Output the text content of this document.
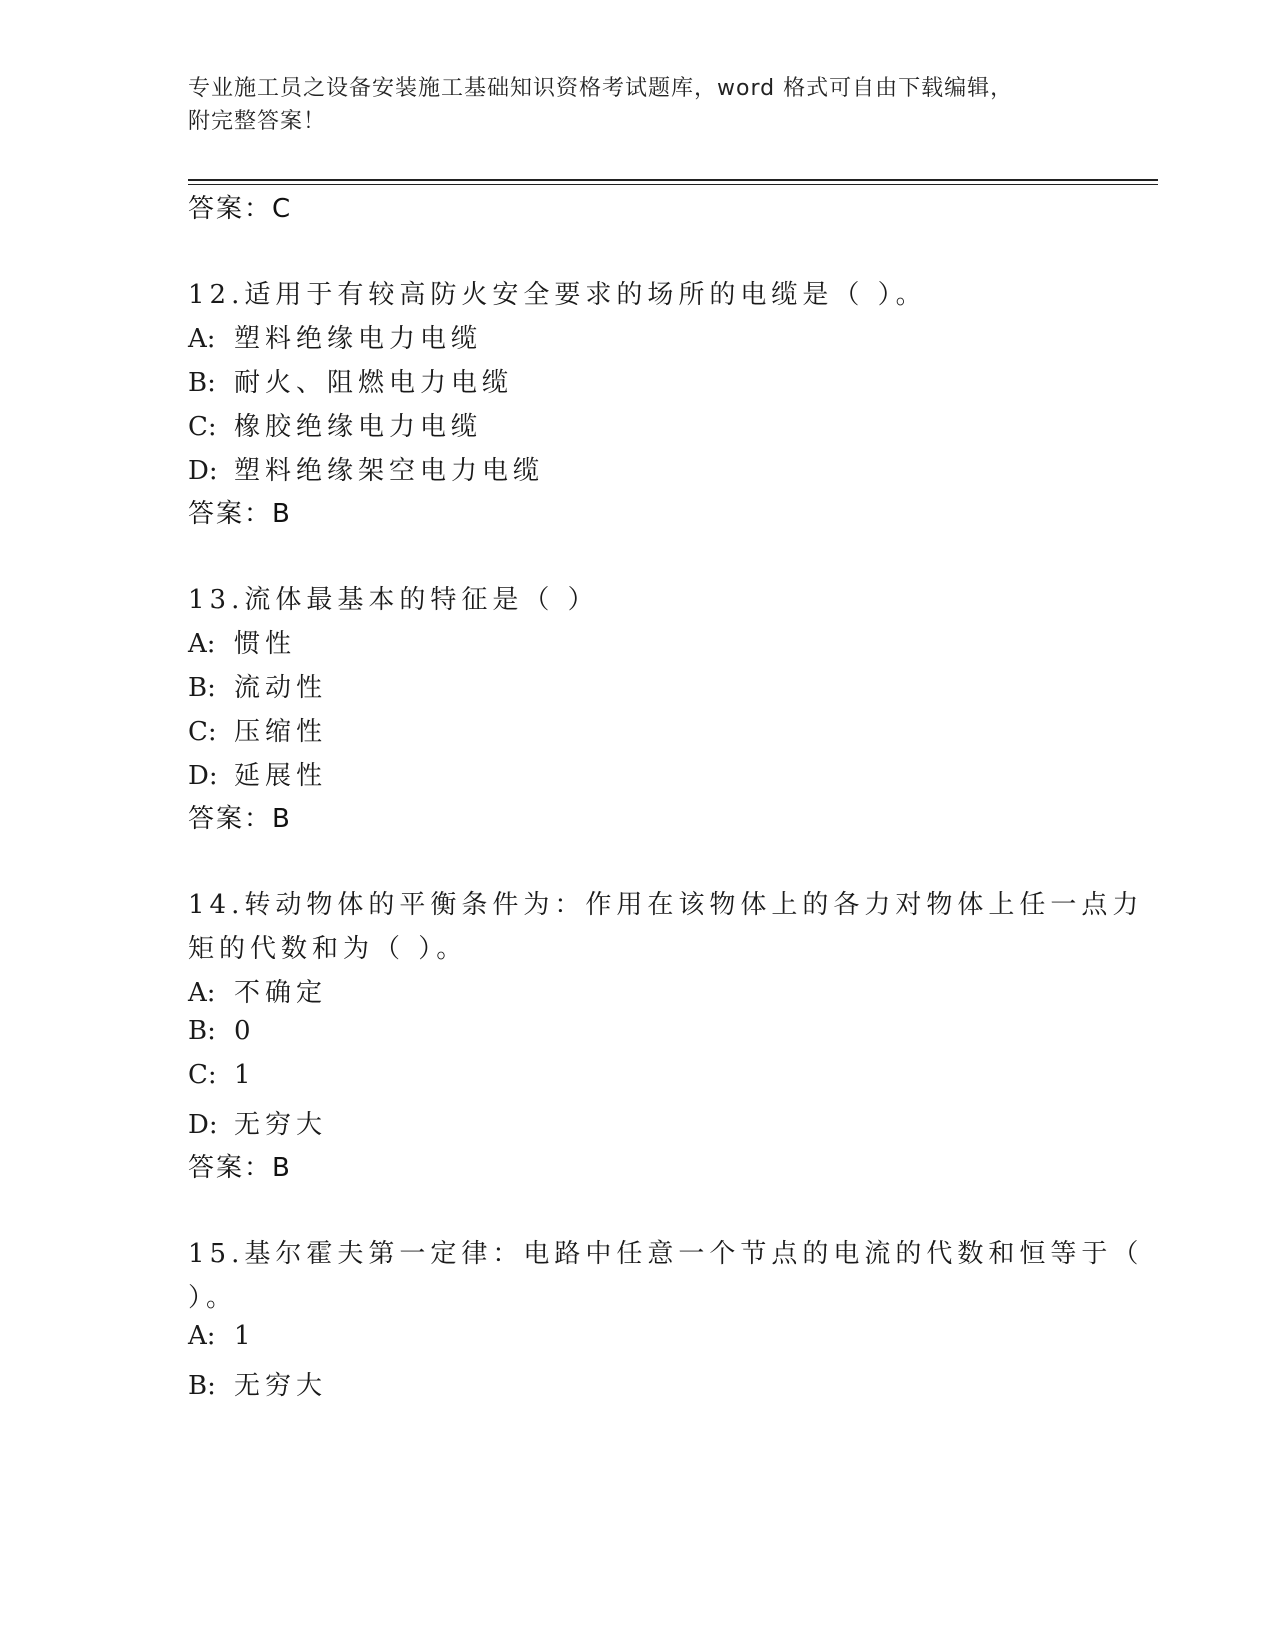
专业施工员之设备安装施工基础知识资格考试题库，word 格式可自由下载编辑，
附完整答案！
答案：C
12.适用于有较高防火安全要求的场所的电缆是（ ）。
A: 塑料绝缘电力电缆
B: 耐火、阻燃电力电缆
C: 橡胶绝缘电力电缆
D: 塑料绝缘架空电力电缆
答案：B
13.流体最基本的特征是（ ）
A: 惯性
B: 流动性
C: 压缩性
D: 延展性
答案：B
14.转动物体的平衡条件为：作用在该物体上的各力对物体上任一点力
矩的代数和为（ ）。
A: 不确定
B: 0
C: 1
D: 无穷大
答案：B
15.基尔霍夫第一定律：电路中任意一个节点的电流的代数和恒等于（
）。
A: 1
B: 无穷大
